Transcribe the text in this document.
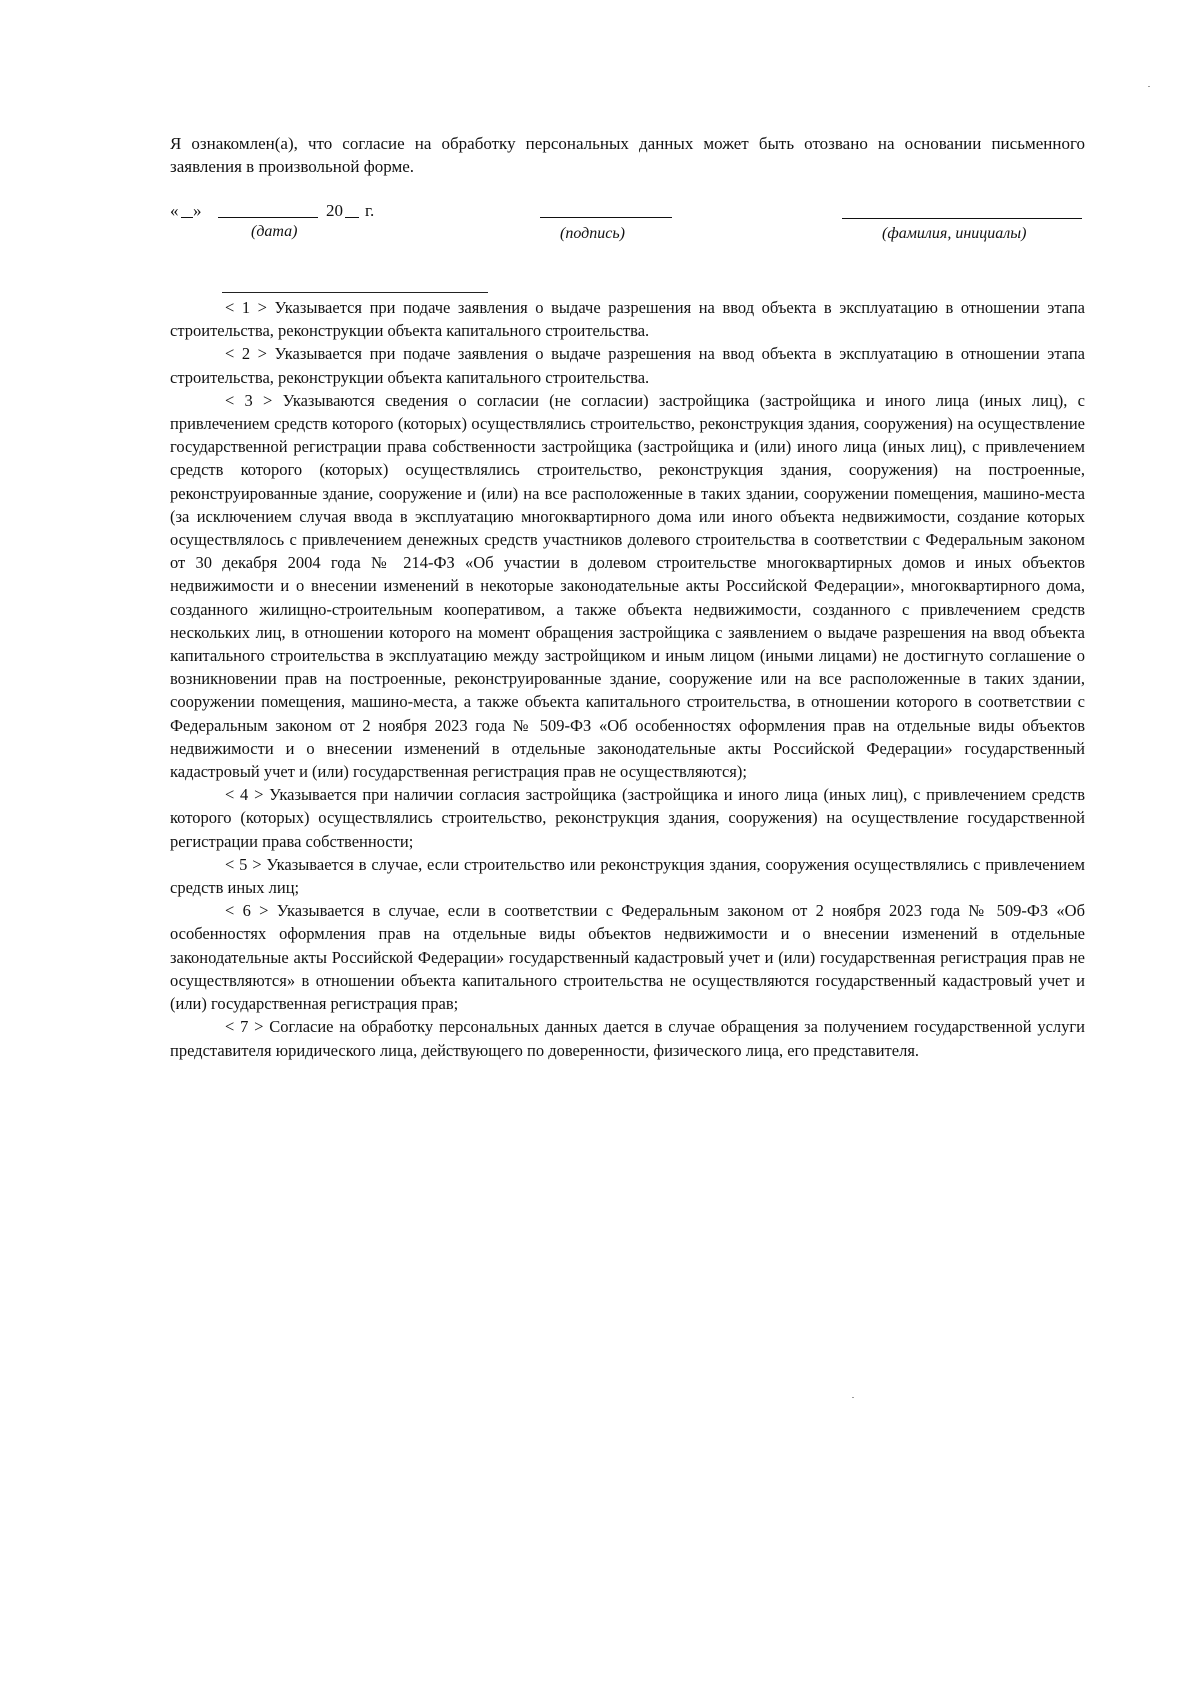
Я ознакомлен(а), что согласие на обработку персональных данных может быть отозвано на основании письменного заявления в произвольной форме.

« »	20 г.
(дата)	(подпись)	(фамилия, инициалы)

< 1 > Указывается при подаче заявления о выдаче разрешения на ввод объекта в эксплуатацию в отношении этапа строительства, реконструкции объекта капитального строительства.

< 2 > Указывается при подаче заявления о выдаче разрешения на ввод объекта в эксплуатацию в отношении этапа строительства, реконструкции объекта капитального строительства.

< 3 > Указываются сведения о согласии (не согласии) застройщика (застройщика и иного лица (иных лиц), с привлечением средств которого (которых) осуществлялись строительство, реконструкция здания, сооружения) на осуществление государственной регистрации права собственности застройщика (застройщика и (или) иного лица (иных лиц), с привлечением средств которого (которых) осуществлялись строительство, реконструкция здания, сооружения) на построенные, реконструированные здание, сооружение и (или) на все расположенные в таких здании, сооружении помещения, машино-места (за исключением случая ввода в эксплуатацию многоквартирного дома или иного объекта недвижимости, создание которых осуществлялось с привлечением денежных средств участников долевого строительства в соответствии с Федеральным законом от 30 декабря 2004 года № 214-ФЗ «Об участии в долевом строительстве многоквартирных домов и иных объектов недвижимости и о внесении изменений в некоторые законодательные акты Российской Федерации», многоквартирного дома, созданного жилищно-строительным кооперативом, а также объекта недвижимости, созданного с привлечением средств нескольких лиц, в отношении которого на момент обращения застройщика с заявлением о выдаче разрешения на ввод объекта капитального строительства в эксплуатацию между застройщиком и иным лицом (иными лицами) не достигнуто соглашение о возникновении прав на построенные, реконструированные здание, сооружение или на все расположенные в таких здании, сооружении помещения, машино-места, а также объекта капитального строительства, в отношении которого в соответствии с Федеральным законом от 2 ноября 2023 года № 509-ФЗ «Об особенностях оформления прав на отдельные виды объектов недвижимости и о внесении изменений в отдельные законодательные акты Российской Федерации» государственный кадастровый учет и (или) государственная регистрация прав не осуществляются);

< 4 > Указывается при наличии согласия застройщика (застройщика и иного лица (иных лиц), с привлечением средств которого (которых) осуществлялись строительство, реконструкция здания, сооружения) на осуществление государственной регистрации права собственности;

< 5 > Указывается в случае, если строительство или реконструкция здания, сооружения осуществлялись с привлечением средств иных лиц;

< 6 > Указывается в случае, если в соответствии с Федеральным законом от 2 ноября 2023 года № 509-ФЗ «Об особенностях оформления прав на отдельные виды объектов недвижимости и о внесении изменений в отдельные законодательные акты Российской Федерации» государственный кадастровый учет и (или) государственная регистрация прав не осуществляются» в отношении объекта капитального строительства не осуществляются государственный кадастровый учет и (или) государственная регистрация прав;

< 7 > Согласие на обработку персональных данных дается в случае обращения за получением государственной услуги представителя юридического лица, действующего по доверенности, физического лица, его представителя.
